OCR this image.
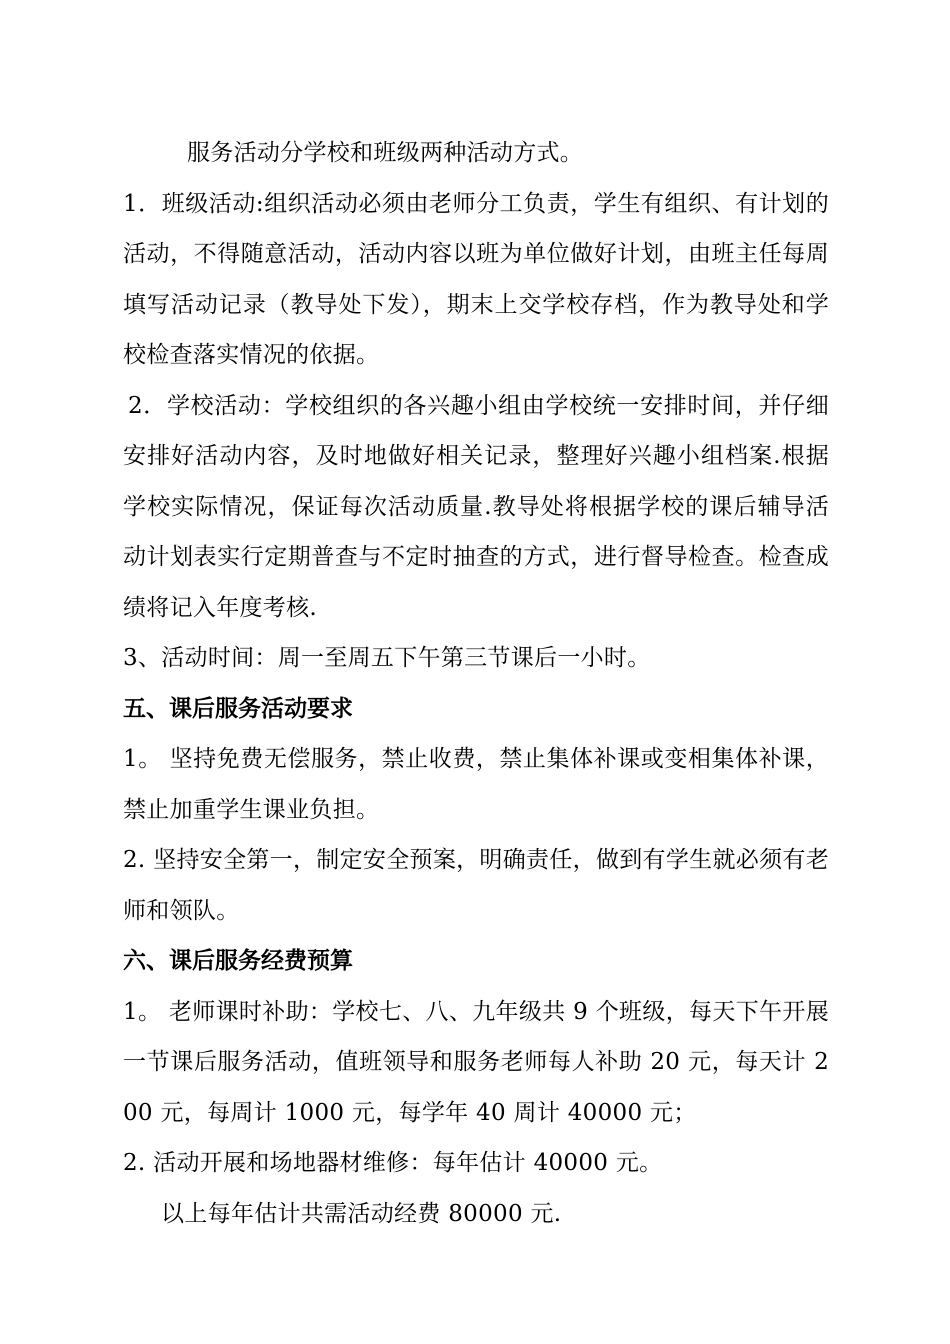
服务活动分学校和班级两种活动方式。

1．班级活动:组织活动必须由老师分工负责，学生有组织、有计划的活动，不得随意活动，活动内容以班为单位做好计划，由班主任每周填写活动记录（教导处下发），期末上交学校存档，作为教导处和学校检查落实情况的依据。

2．学校活动：学校组织的各兴趣小组由学校统一安排时间，并仔细安排好活动内容，及时地做好相关记录，整理好兴趣小组档案.根据学校实际情况，保证每次活动质量.教导处将根据学校的课后辅导活动计划表实行定期普查与不定时抽查的方式，进行督导检查。检查成绩将记入年度考核.

3、活动时间：周一至周五下午第三节课后一小时。

五、课后服务活动要求

1。 坚持免费无偿服务，禁止收费，禁止集体补课或变相集体补课，禁止加重学生课业负担。

2. 坚持安全第一，制定安全预案，明确责任，做到有学生就必须有老师和领队。

六、课后服务经费预算

1。 老师课时补助：学校七、八、九年级共 9 个班级，每天下午开展一节课后服务活动，值班领导和服务老师每人补助 20 元，每天计 200 元，每周计 1000 元，每学年 40 周计 40000 元；

2. 活动开展和场地器材维修：每年估计 40000 元。

以上每年估计共需活动经费 80000 元.
